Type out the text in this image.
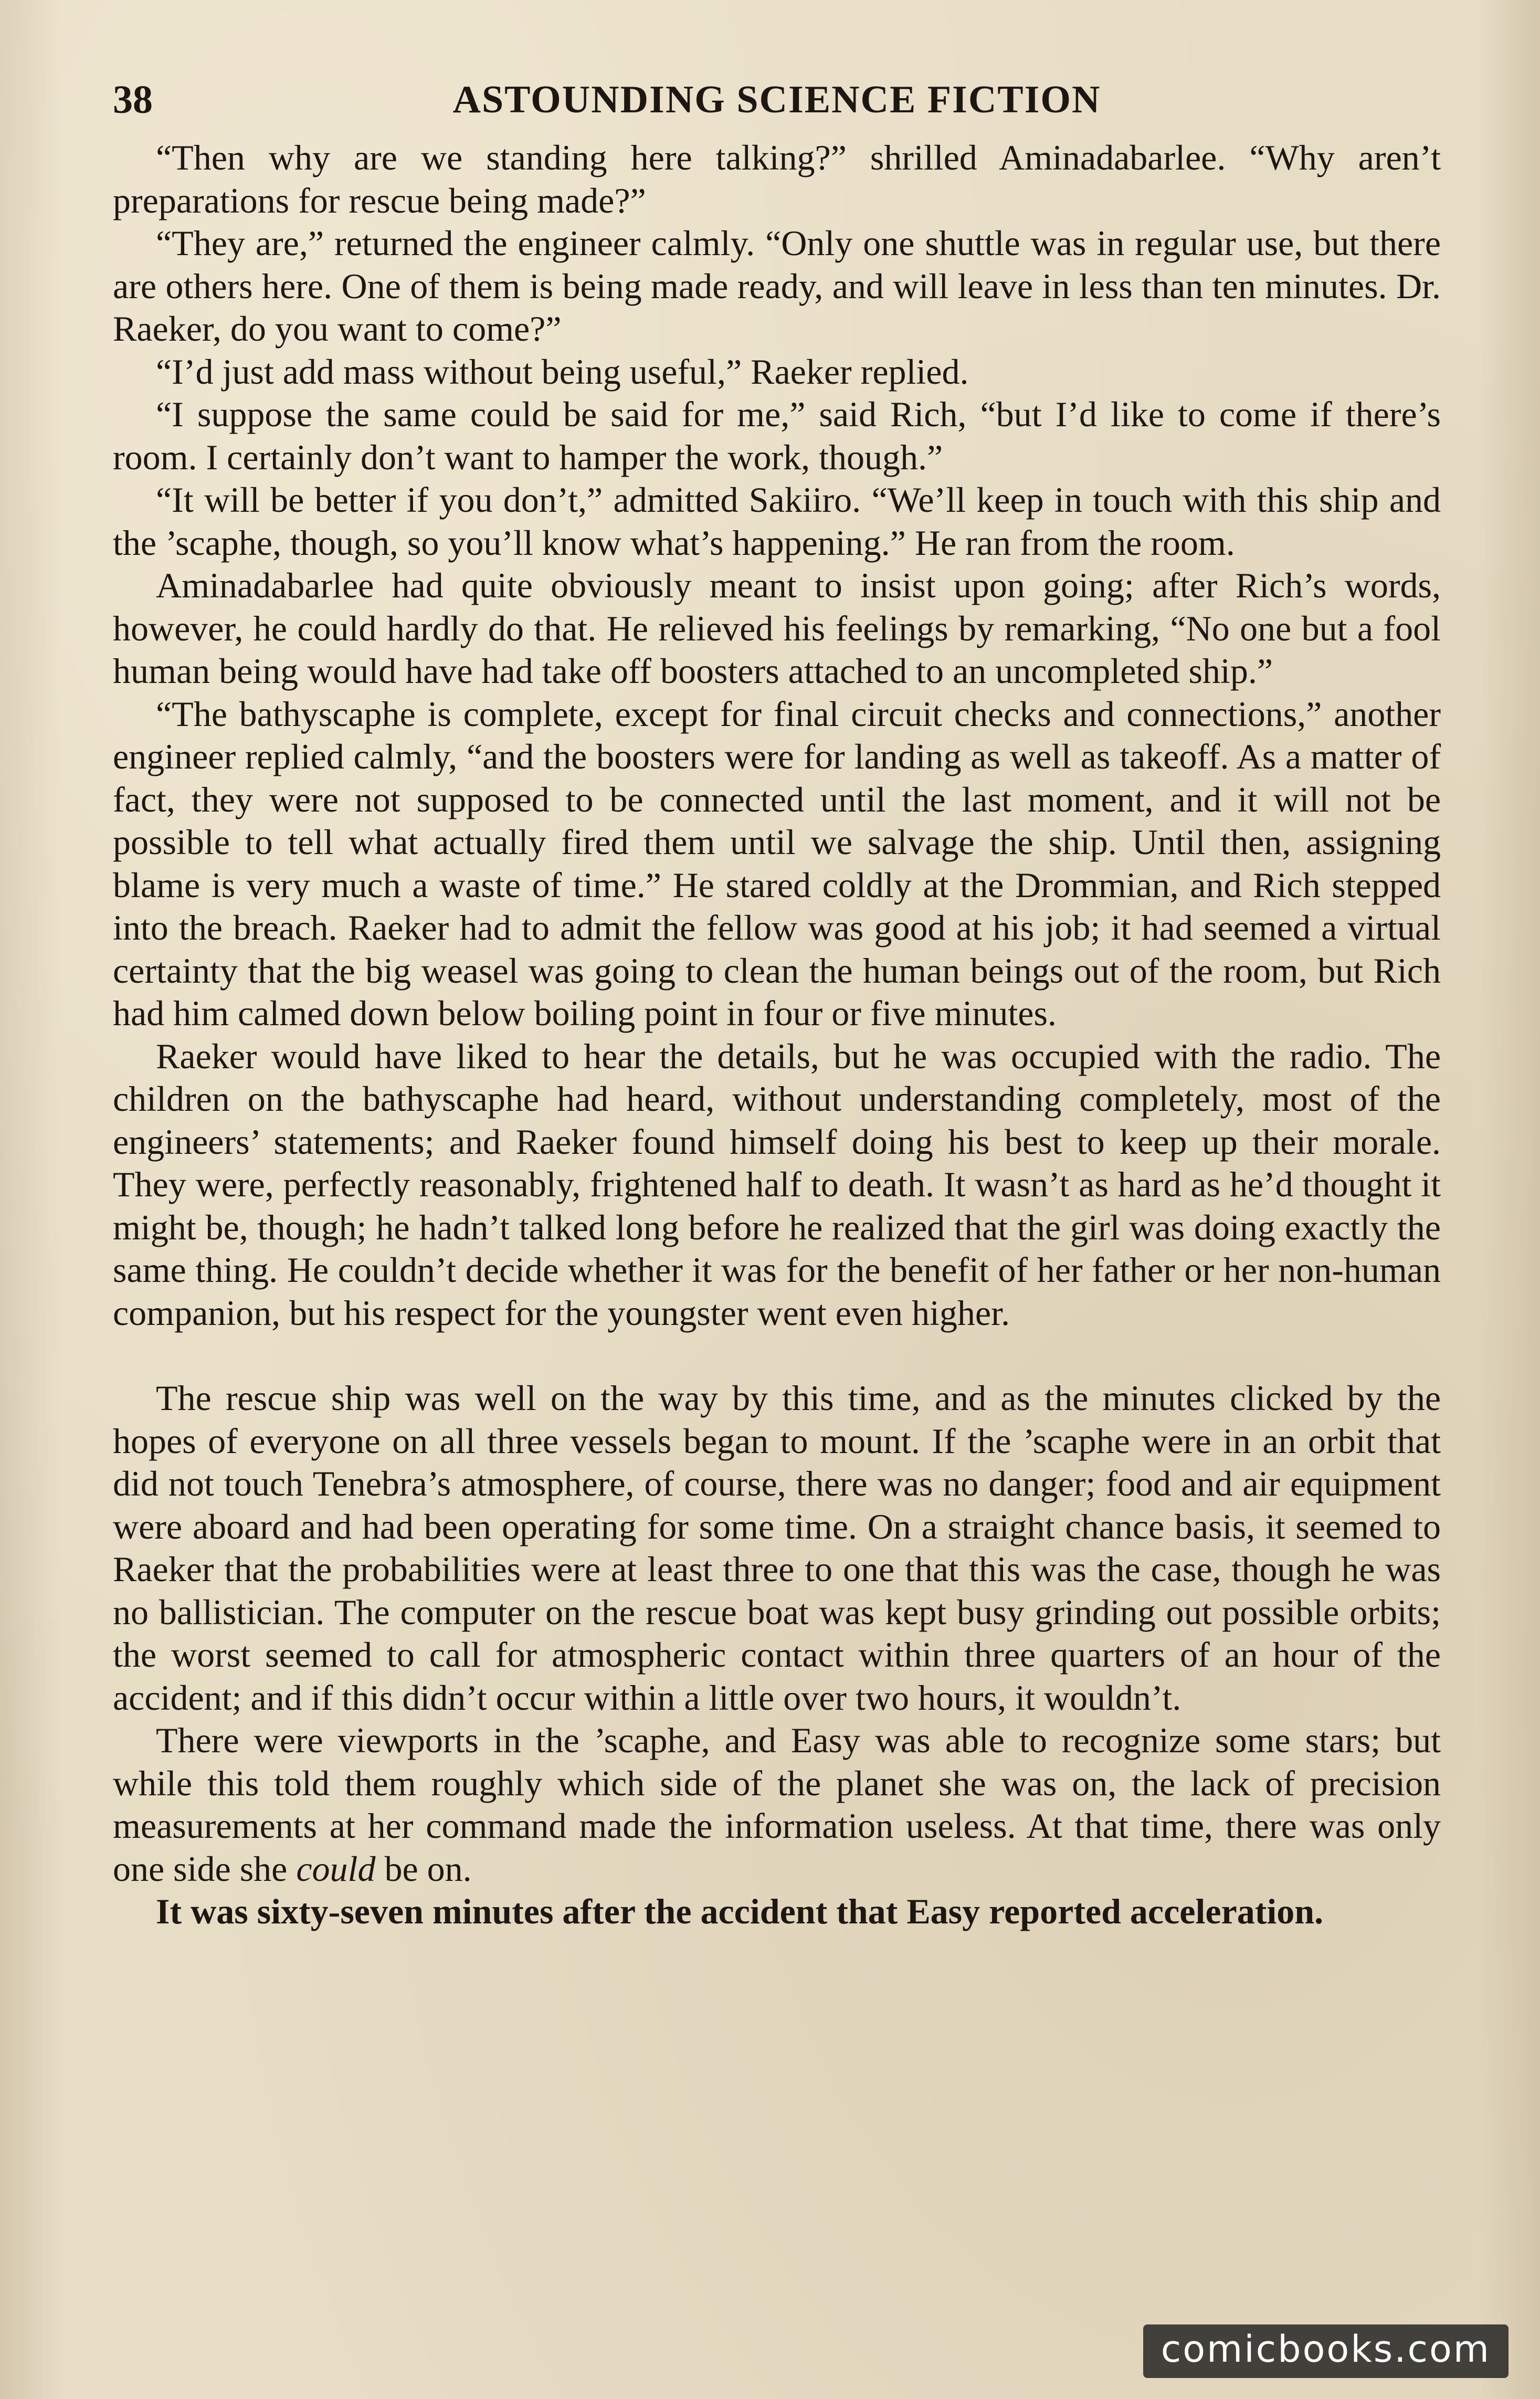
38	ASTOUNDING SCIENCE FICTION

“Then why are we standing here talking?” shrilled Aminadabarlee. “Why aren’t preparations for rescue being made?”

“They are,” returned the engineer calmly. “Only one shuttle was in regular use, but there are others here. One of them is being made ready, and will leave in less than ten minutes. Dr. Raeker, do you want to come?”

“I’d just add mass without being useful,” Raeker replied.

“I suppose the same could be said for me,” said Rich, “but I’d like to come if there’s room. I certainly don’t want to hamper the work, though.”

“It will be better if you don’t,” admitted Sakiiro. “We’ll keep in touch with this ship and the ’scaphe, though, so you’ll know what’s happening.” He ran from the room.

Aminadabarlee had quite obviously meant to insist upon going; after Rich’s words, however, he could hardly do that. He relieved his feelings by remarking, “No one but a fool human being would have had take off boosters attached to an uncompleted ship.”

“The bathyscaphe is complete, except for final circuit checks and connections,” another engineer replied calmly, “and the boosters were for landing as well as takeoff. As a matter of fact, they were not supposed to be connected until the last moment, and it will not be possible to tell what actually fired them until we salvage the ship. Until then, assigning blame is very much a waste of time.” He stared coldly at the Drommian, and Rich stepped into the breach. Raeker had to admit the fellow was good at his job; it had seemed a virtual certainty that the big weasel was going to clean the human beings out of the room, but Rich had him calmed down below boiling point in four or five minutes.

Raeker would have liked to hear the details, but he was occupied with the radio. The children on the bathyscaphe had heard, without understanding completely, most of the engineers’ statements; and Raeker found himself doing his best to keep up their morale. They were, perfectly reasonably, frightened half to death. It wasn’t as hard as he’d thought it might be, though; he hadn’t talked long before he realized that the girl was doing exactly the same thing. He couldn’t decide whether it was for the benefit of her father or her non-human companion, but his respect for the youngster went even higher.

The rescue ship was well on the way by this time, and as the minutes clicked by the hopes of everyone on all three vessels began to mount. If the ’scaphe were in an orbit that did not touch Tenebra’s atmosphere, of course, there was no danger; food and air equipment were aboard and had been operating for some time. On a straight chance basis, it seemed to Raeker that the probabilities were at least three to one that this was the case, though he was no ballistician. The computer on the rescue boat was kept busy grinding out possible orbits; the worst seemed to call for atmospheric contact within three quarters of an hour of the accident; and if this didn’t occur within a little over two hours, it wouldn’t.

There were viewports in the ’scaphe, and Easy was able to recognize some stars; but while this told them roughly which side of the planet she was on, the lack of precision measurements at her command made the information useless. At that time, there was only one side she could be on.

It was sixty-seven minutes after the accident that Easy reported acceleration.

comicbooks.com
